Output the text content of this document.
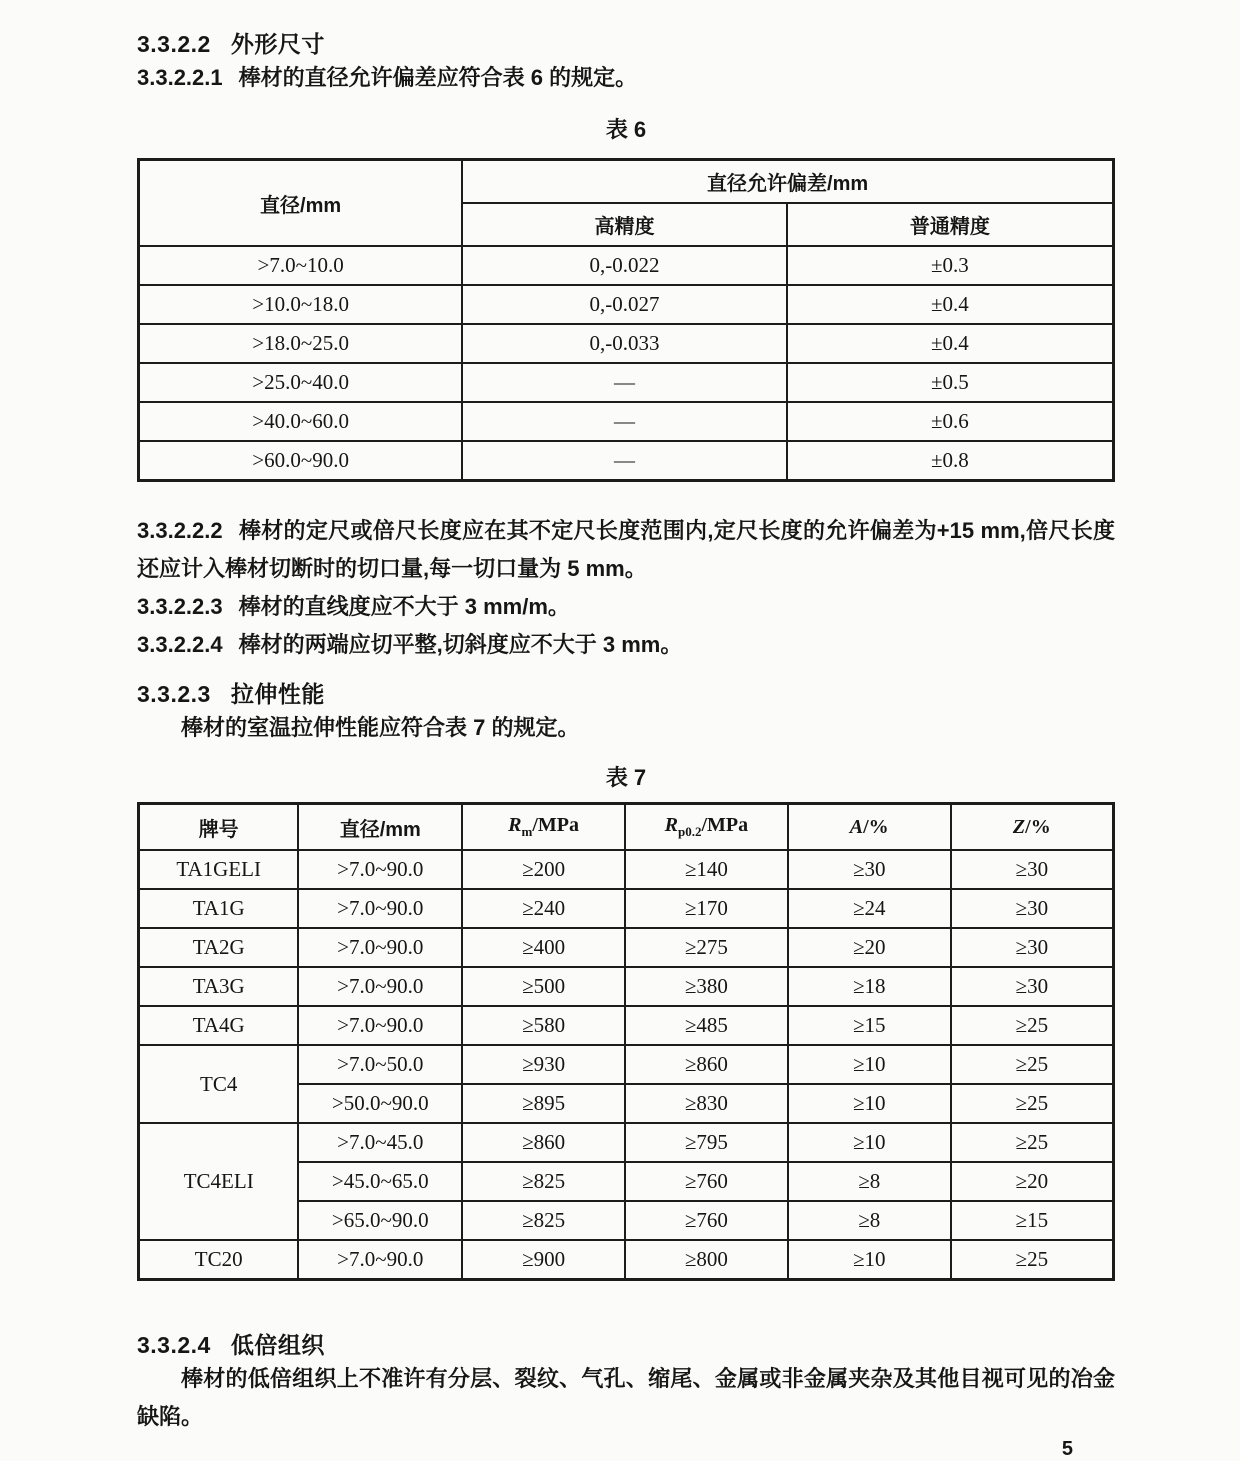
3.3.2.2 外形尺寸

3.3.2.2.1 棒材的直径允许偏差应符合表 6 的规定。

表 6
直径/mm	直径允许偏差/mm	
	高精度	普通精度
>7.0~10.0	0,-0.022	±0.3
>10.0~18.0	0,-0.027	±0.4
>18.0~25.0	0,-0.033	±0.4
>25.0~40.0	—	±0.5
>40.0~60.0	—	±0.6
>60.0~90.0	—	±0.8

3.3.2.2.2 棒材的定尺或倍尺长度应在其不定尺长度范围内,定尺长度的允许偏差为+15 mm,倍尺长度还应计入棒材切断时的切口量,每一切口量为 5 mm。

3.3.2.2.3 棒材的直线度应不大于 3 mm/m。

3.3.2.2.4 棒材的两端应切平整,切斜度应不大于 3 mm。

3.3.2.3 拉伸性能

棒材的室温拉伸性能应符合表 7 的规定。

表 7
牌号	直径/mm	$R_m$/MPa	$R_{p0.2}$/MPa	A/%	Z/%
TA1GELI	>7.0~90.0	≥200	≥140	≥30	≥30
TA1G	>7.0~90.0	≥240	≥170	≥24	≥30
TA2G	>7.0~90.0	≥400	≥275	≥20	≥30
TA3G	>7.0~90.0	≥500	≥380	≥18	≥30
TA4G	>7.0~90.0	≥580	≥485	≥15	≥25
TC4	>7.0~50.0	≥930	≥860	≥10	≥25
	>50.0~90.0	≥895	≥830	≥10	≥25
TC4ELI	>7.0~45.0	≥860	≥795	≥10	≥25
	>45.0~65.0	≥825	≥760	≥8	≥20
	>65.0~90.0	≥825	≥760	≥8	≥15
TC20	>7.0~90.0	≥900	≥800	≥10	≥25
3.3.2.4 低倍组织

棒材的低倍组织上不准许有分层、裂纹、气孔、缩尾、金属或非金属夹杂及其他目视可见的冶金缺陷。

5
